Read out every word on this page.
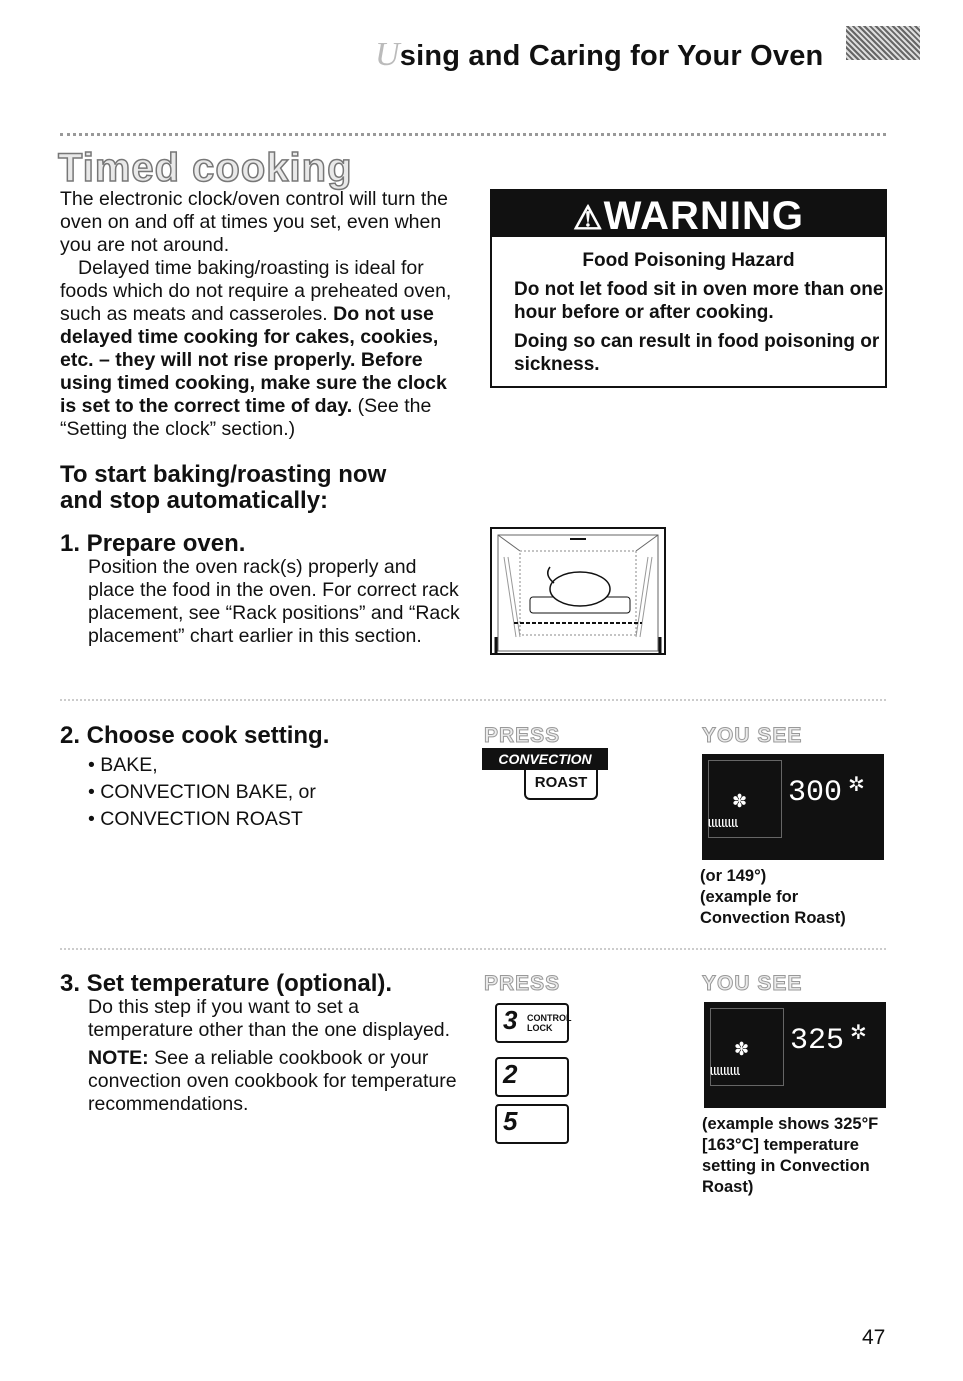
Using and Caring for Your Oven
Timed cooking

The electronic clock/oven control will turn the oven on and off at times you set, even when you are not around.

Delayed time baking/roasting is ideal for foods which do not require a preheated oven, such as meats and casseroles. Do not use delayed time cooking for cakes, cookies, etc. – they will not rise properly. Before using timed cooking, make sure the clock is set to the correct time of day. (See the “Setting the clock” section.)

⚠WARNING
Food Poisoning Hazard

Do not let food sit in oven more than one hour before or after cooking.

Doing so can result in food poisoning or sickness.

To start baking/roasting now
and stop automatically:
1. Prepare oven.
Position the oven rack(s) properly and place the food in the oven. For correct rack placement, see “Rack positions” and “Rack placement” chart earlier in this section.
2. Choose cook setting.
• BAKE,
• CONVECTION BAKE, or
• CONVECTION ROAST
PRESS
CONVECTION
ROAST
YOU SEE
✽
ɩɩɩɩɩɩɩɩɩ
300 ✲
(or 149°)
(example for
Convection Roast)
3. Set temperature (optional).

Do this step if you want to set a temperature other than the one displayed.

NOTE: See a reliable cookbook or your convection oven cookbook for temperature recommendations.

PRESS
3 CONTROL LOCK
2
5
YOU SEE
✽
ɩɩɩɩɩɩɩɩɩ
325 ✲
(example shows 325°F
[163°C] temperature
setting in Convection
Roast)
47
